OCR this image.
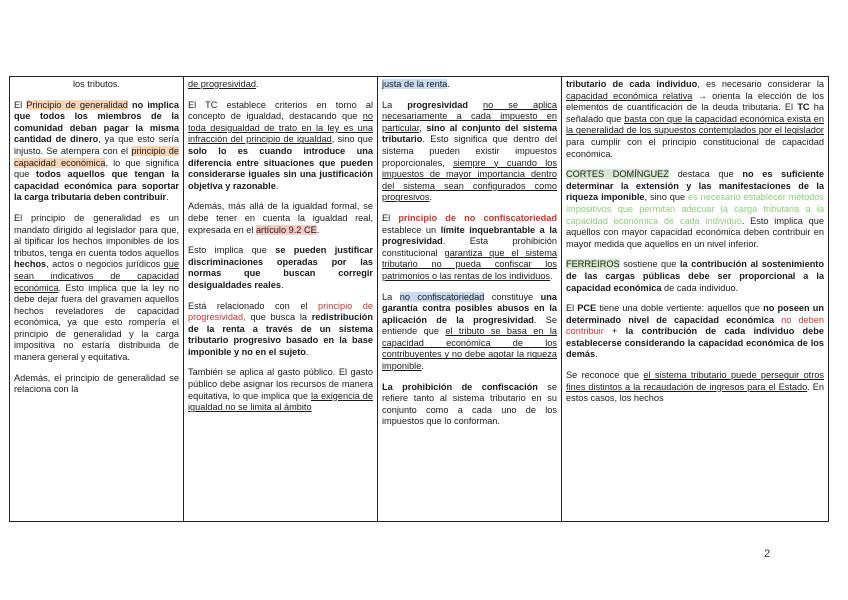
los tributos.

El Principio de generalidad no implica que todos los miembros de la comunidad deban pagar la misma cantidad de dinero, ya que esto sería injusto. Se atempera con el principio de capacidad económica, lo que significa que todos aquellos que tengan la capacidad económica para soportar la carga tributaria deben contribuir.

El principio de generalidad es un mandato dirigido al legislador para que, al tipificar los hechos imponibles de los tributos, tenga en cuenta todos aquellos hechos, actos o negocios jurídicos que sean indicativos de capacidad económica. Esto implica que la ley no debe dejar fuera del gravamen aquellos hechos reveladores de capacidad económica, ya que esto rompería el principio de generalidad y la carga impositiva no estaría distribuida de manera general y equitativa.

Además, el principio de generalidad se relaciona con la

de progresividad.

El TC establece criterios en torno al concepto de igualdad, destacando que no toda desigualdad de trato en la ley es una infracción del principio de igualdad, sino que solo lo es cuando introduce una diferencia entre situaciones que pueden considerarse iguales sin una justificación objetiva y razonable.

Además, más allá de la igualdad formal, se debe tener en cuenta la igualdad real, expresada en el artículo 9.2 CE.

Esto implica que se pueden justificar discriminaciones operadas por las normas que buscan corregir desigualdades reales.

Está relacionado con el principio de progresividad, que busca la redistribución de la renta a través de un sistema tributario progresivo basado en la base imponible y no en el sujeto.

También se aplica al gasto público. El gasto público debe asignar los recursos de manera equitativa, lo que implica que la exigencia de igualdad no se limita al ámbito

justa de la renta.

La progresividad no se aplica necesariamente a cada impuesto en particular, sino al conjunto del sistema tributario. Esto significa que dentro del sistema pueden existir impuestos proporcionales, siempre y cuando los impuestos de mayor importancia dentro del sistema sean configurados como progresivos.

El principio de no confiscatoriedad establece un límite inquebrantable a la progresividad. Esta prohibición constitucional garantiza que el sistema tributario no pueda confiscar los patrimonios o las rentas de los individuos.

La no confiscatoriedad constituye una garantía contra posibles abusos en la aplicación de la progresividad. Se entiende que el tributo se basa en la capacidad económica de los contribuyentes y no debe agotar la riqueza imponible.

La prohibición de confiscación se refiere tanto al sistema tributario en su conjunto como a cada uno de los impuestos que lo conforman.

tributario de cada individuo, es necesario considerar la capacidad económica relativa → orienta la elección de los elementos de cuantificación de la deuda tributaria. El TC ha señalado que basta con que la capacidad económica exista en la generalidad de los supuestos contemplados por el legislador para cumplir con el principio constitucional de capacidad económica.

CORTES DOMÍNGUEZ destaca que no es suficiente determinar la extensión y las manifestaciones de la riqueza imponible, sino que es necesario establecer métodos impositivos que permitan adecuar la carga tributaria a la capacidad económica de cada individuo. Esto implica que aquellos con mayor capacidad económica deben contribuir en mayor medida que aquellos en un nivel inferior.

FERREIROS sostiene que la contribución al sostenimiento de las cargas públicas debe ser proporcional a la capacidad económica de cada individuo.

El PCE tiene una doble vertiente: aquellos que no poseen un determinado nivel de capacidad económica no deben contribuir + la contribución de cada individuo debe establecerse considerando la capacidad económica de los demás.

Se reconoce que el sistema tributario puede perseguir otros fines distintos a la recaudación de ingresos para el Estado. En estos casos, los hechos

2
